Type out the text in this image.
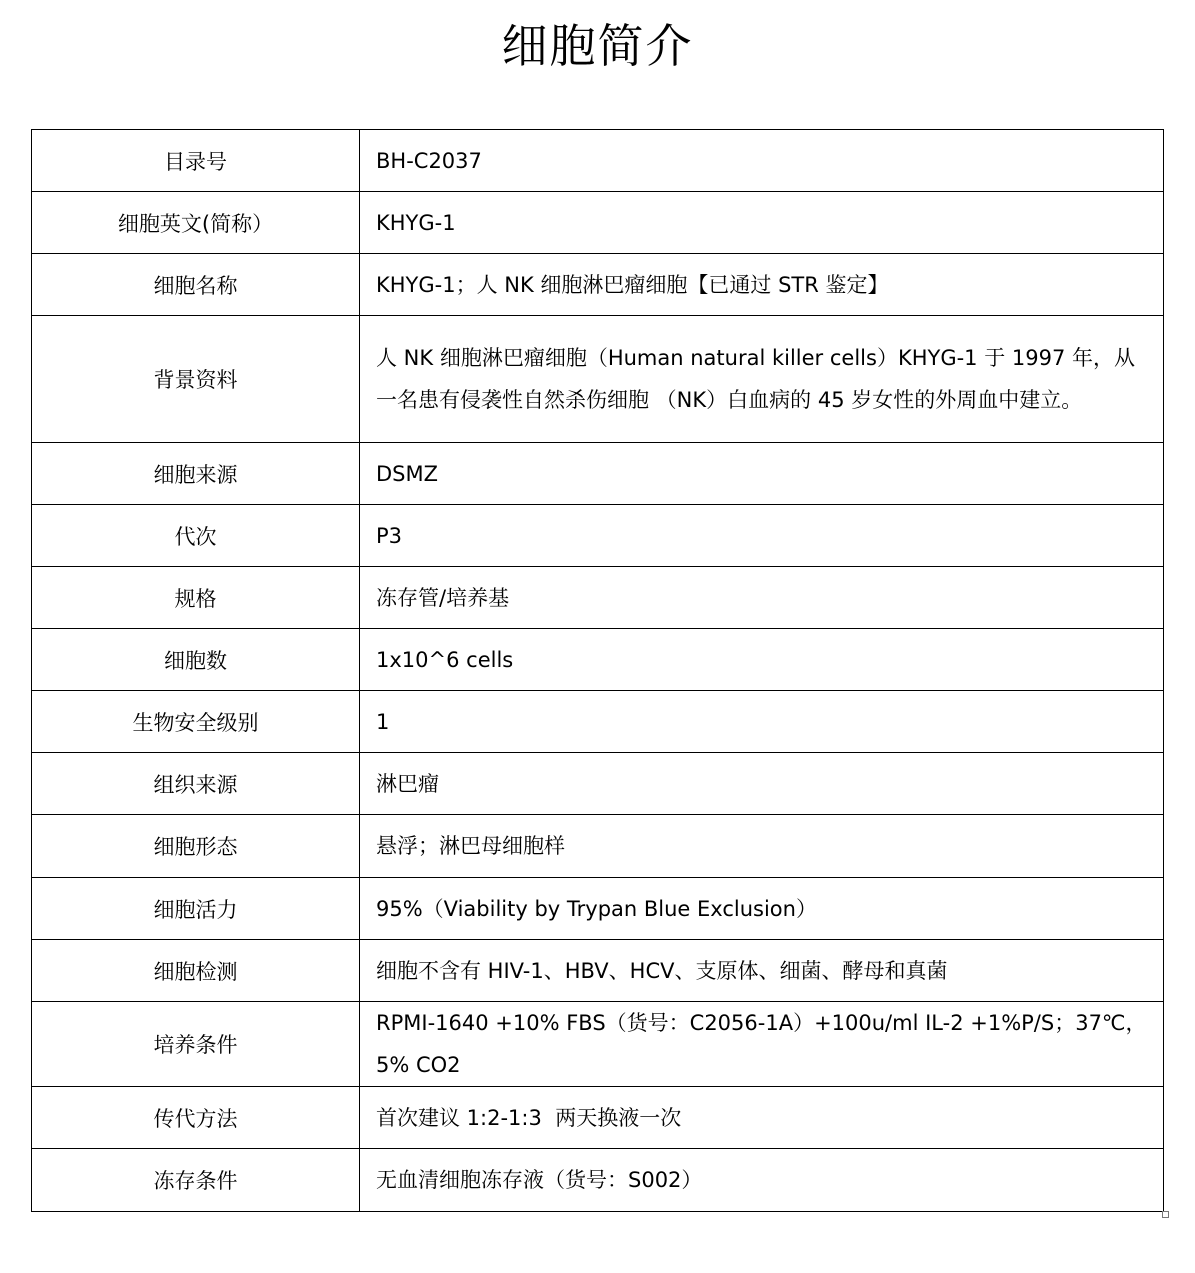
细胞简介
目录号	BH-C2037
细胞英文(简称）	KHYG-1
细胞名称	KHYG-1；人 NK 细胞淋巴瘤细胞【已通过 STR 鉴定】
背景资料	人 NK 细胞淋巴瘤细胞（Human natural killer cells）KHYG-1 于 1997 年，从一名患有侵袭性自然杀伤细胞 （NK）白血病的 45 岁女性的外周血中建立。
细胞来源	DSMZ
代次	P3
规格	冻存管/培养基
细胞数	1x10^6 cells
生物安全级别	1
组织来源	淋巴瘤
细胞形态	悬浮；淋巴母细胞样
细胞活力	95%（Viability by Trypan Blue Exclusion）
细胞检测	细胞不含有 HIV-1、HBV、HCV、支原体、细菌、酵母和真菌
培养条件	RPMI-1640 +10% FBS（货号：C2056-1A）+100u/ml IL-2 +1%P/S；37℃，5% CO2
传代方法	首次建议 1:2-1:3  两天换液一次
冻存条件	无血清细胞冻存液（货号：S002）
